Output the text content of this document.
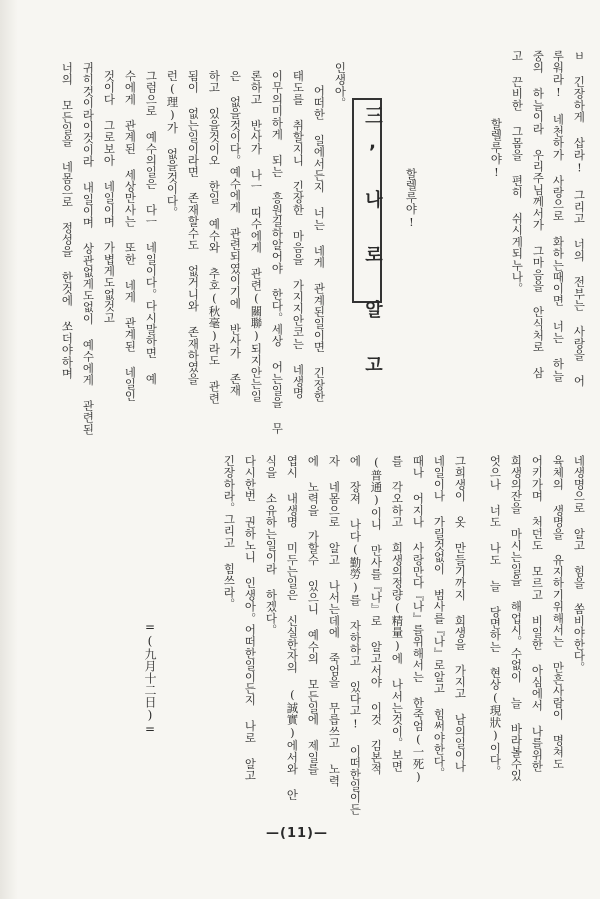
三, 나 로 알 고	ㅂ 긴장하게 삽라! 그리고 너의 전부는 사랑을 어
루워라! 네천하가 사랑으로 화하는때이면 너는 하늘
중의 하늘이라 우리주님께서가 그마음을 안식처로 삼
고 끈비한 그몸을 편히 쉬시게되누나。
할렐루야!
할렐루야!
인생아。
어떠한 일에서든지 너는 네게 관계된일이면 긴장한
태도를 취할지니 긴장한 마음을 가지지안코는 네생명
이무의미하게 되는 흥원길하알어야 한다。세상 어는일을 무
론하고 반사가 나ㅡ 띠수에게 관련(關聯)되지안는일
은 없을것이다。예수에게 관련되였이기에 반사가 존재
하고 있을것이오 한일 예수와 추호(秋毫)라도 관련
됨이 없는일이라면 존재할수도 없거니와 존재하였을
런(理)가 없을것이다。
그럼으로 예수의일은 다ㅡ 네일이다。다시말하면 예
수에게 관계된 세상만사는 또한 네게 관계된 네일인
것이다 그로보아 네일이며 가볍게도없것고
귀히것이라이것이라 내일이며 상관없게도없이 예수에게 관련된
너의 모든일을 네몸으로 정성을 한것에 쏘더야하며
네생명으로 알고 힘을 쏨비야한다。
육체의 생명을 유지하기위해서는 만흔사람이 명쳐도
어키가며 처던도 모르고 비일한 아심에서 나를위한
희생의잔을 마시는일을 해업시。수없이 늘 바라볼수있
엇으나 너도 나도 늘 당면하는 현상(現狀)이다。
그희생이 옷 만들기까지 희생을 가지고 남의일이나
네일이나 가릴것없이 범사를『나』로알고 힘써야한다。
때나 어지나 사랑만다『나』를위해서는 한죽엄(一死)
를 각오하고 희생의정량(精量)에 나서는것이。보면
(普通)이니 만사를『나』로 알고서야 이것 김본적
에 장져 나다(勤勞)를 자하하고 있다고! 이떠한일이든
자 네몸으로 알고 나서는데에 죽엄을 무릅쓰고 노력
에 노력을 가할수 있으니 예수의 모든일에 제일를
엽시 내생명 미두는일은 신실한자의 (誠實)에서와 안
식을 소유하는일이라 하겠다。
다시한번 권하노니 인생아。어떠한일이든지 나로 알고
긴장하라。그리고 힘쓰라。
=(九月十二日)=
—(11)—
